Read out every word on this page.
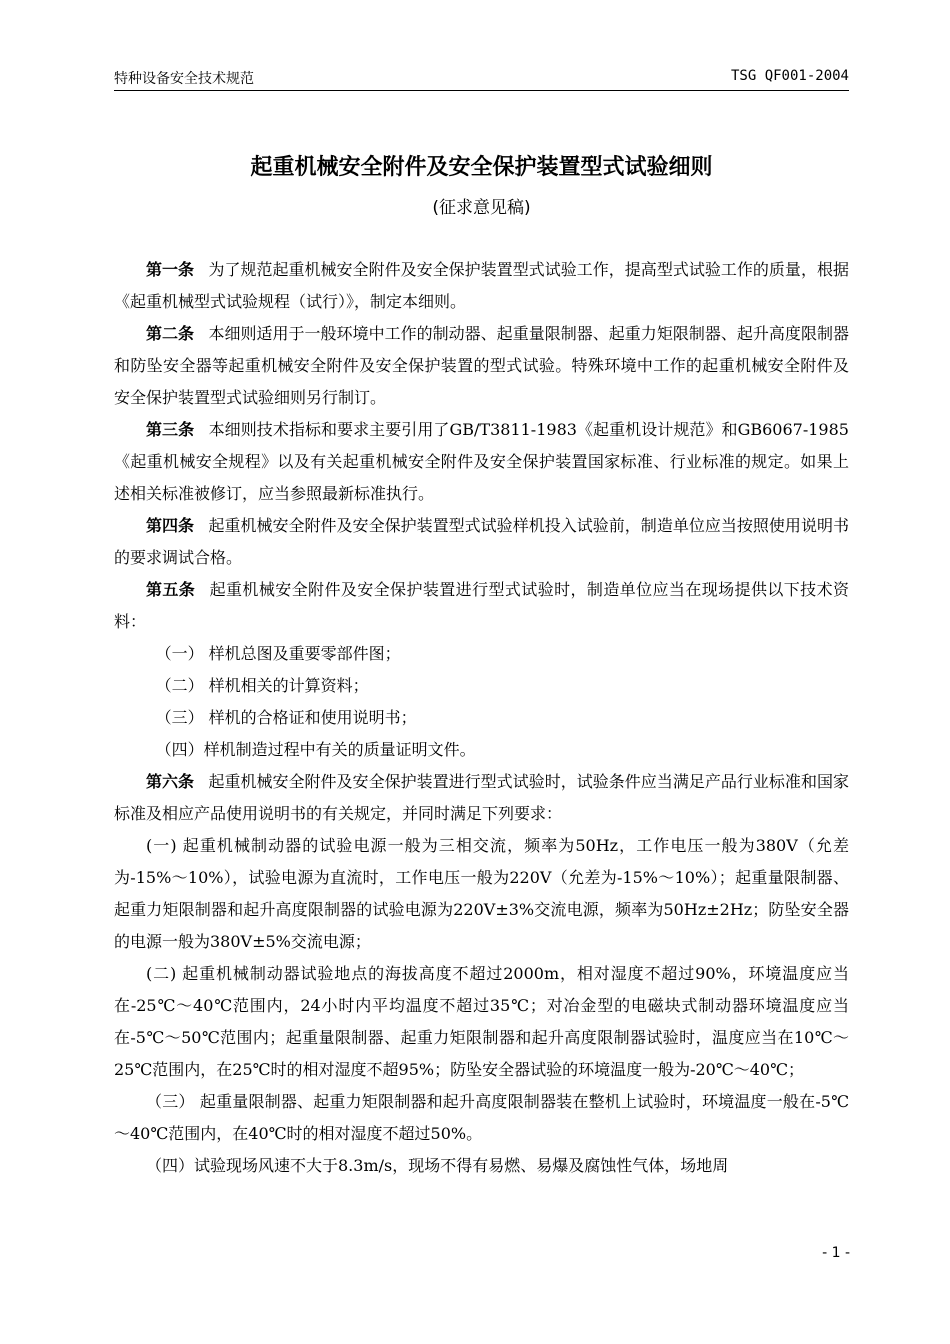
特种设备安全技术规范	TSG QF001-2004
起重机械安全附件及安全保护装置型式试验细则
(征求意见稿)

第一条 为了规范起重机械安全附件及安全保护装置型式试验工作，提高型式试验工作的质量，根据《起重机械型式试验规程（试行）》，制定本细则。

第二条 本细则适用于一般环境中工作的制动器、起重量限制器、起重力矩限制器、起升高度限制器和防坠安全器等起重机械安全附件及安全保护装置的型式试验。特殊环境中工作的起重机械安全附件及安全保护装置型式试验细则另行制订。

第三条 本细则技术指标和要求主要引用了GB/T3811-1983《起重机设计规范》和GB6067-1985《起重机械安全规程》以及有关起重机械安全附件及安全保护装置国家标准、行业标准的规定。如果上述相关标准被修订，应当参照最新标准执行。

第四条 起重机械安全附件及安全保护装置型式试验样机投入试验前，制造单位应当按照使用说明书的要求调试合格。

第五条 起重机械安全附件及安全保护装置进行型式试验时，制造单位应当在现场提供以下技术资料：

（一） 样机总图及重要零部件图；

（二） 样机相关的计算资料；

（三） 样机的合格证和使用说明书；

（四）样机制造过程中有关的质量证明文件。

第六条 起重机械安全附件及安全保护装置进行型式试验时，试验条件应当满足产品行业标准和国家标准及相应产品使用说明书的有关规定，并同时满足下列要求：

(一) 起重机械制动器的试验电源一般为三相交流，频率为50Hz，工作电压一般为380V（允差为-15%～10%），试验电源为直流时，工作电压一般为220V（允差为-15%～10%）；起重量限制器、起重力矩限制器和起升高度限制器的试验电源为220V±3%交流电源，频率为50Hz±2Hz；防坠安全器的电源一般为380V±5%交流电源；

(二) 起重机械制动器试验地点的海拔高度不超过2000m，相对湿度不超过90%，环境温度应当在-25℃～40℃范围内，24小时内平均温度不超过35℃；对冶金型的电磁块式制动器环境温度应当在-5℃～50℃范围内；起重量限制器、起重力矩限制器和起升高度限制器试验时，温度应当在10℃～25℃范围内，在25℃时的相对湿度不超95%；防坠安全器试验的环境温度一般为-20℃～40℃；

（三） 起重量限制器、起重力矩限制器和起升高度限制器装在整机上试验时，环境温度一般在-5℃～40℃范围内，在40℃时的相对湿度不超过50%。

（四）试验现场风速不大于8.3m/s，现场不得有易燃、易爆及腐蚀性气体，场地周

- 1 -
